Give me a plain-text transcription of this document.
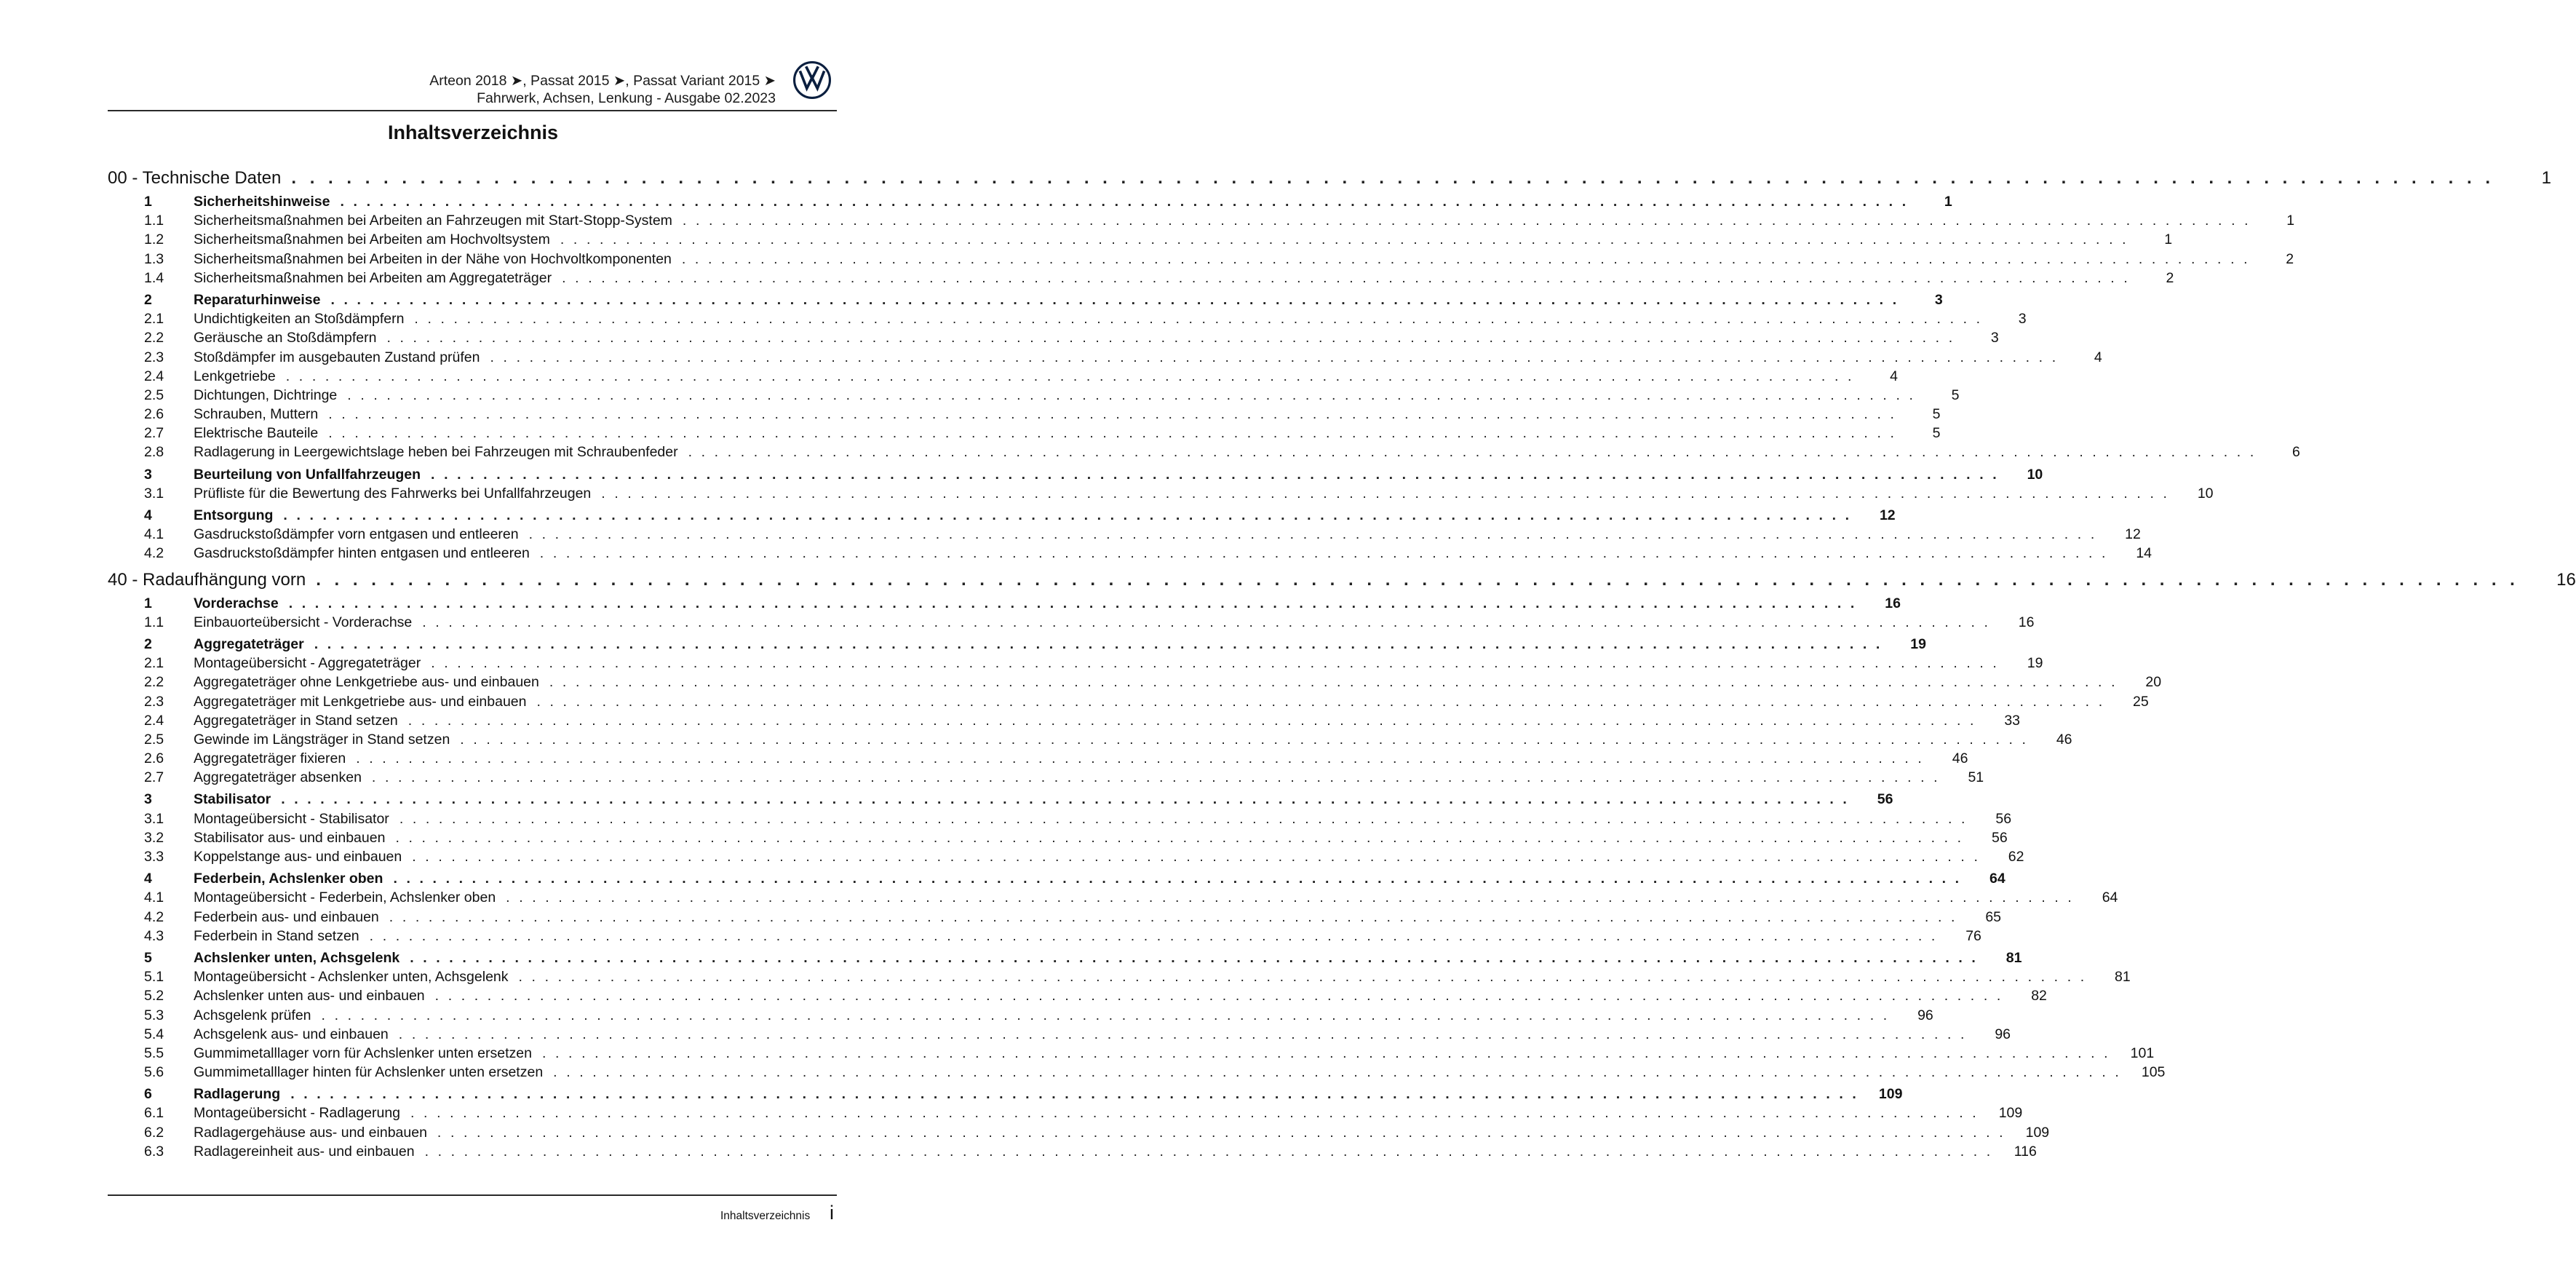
Arteon 2018 ➤, Passat 2015 ➤, Passat Variant 2015 ➤
Fahrwerk, Achsen, Lenkung - Ausgabe 02.2023
Inhaltsverzeichnis
00 - Technische Daten . . . . . . . . . . . . . . . . . . . . . . . . . . . . . . . . . . . . . . . . . . . . . . . . . . . . . . . . . . . . . . . . . . . . . . . . . . . . . . . . . . . . . . . . . . . . . . . . . . . . . . . . . . . . . . . . . . . . . . . .	1
1	Sicherheitshinweise . . . . . . . . . . . . . . . . . . . . . . . . . . . . . . . . . . . . . . . . . . . . . . . . . . . . . . . . . . . . . . . . . . . . . . . . . . . . . . . . . . . . . . . . . . . . . . . . . . . . . . . . . . . . . . . . . . . . . . . .	1
1.1 Sicherheitsmaßnahmen bei Arbeiten an Fahrzeugen mit Start-Stopp-System . . . . . . . . . . . . . . . . . . . . . . . . . . . . . . . . . . . . . . . . . . . . . . . . . . . . . . . . . . . . . . . . . . . . . . . . . . . . . . . . . . . . . . . . . . . . . . . . . . . . . . . . . . . . . . . . . . . . . . . .	1
1.2 Sicherheitsmaßnahmen bei Arbeiten am Hochvoltsystem . . . . . . . . . . . . . . . . . . . . . . . . . . . . . . . . . . . . . . . . . . . . . . . . . . . . . . . . . . . . . . . . . . . . . . . . . . . . . . . . . . . . . . . . . . . . . . . . . . . . . . . . . . . . . . . . . . . . . . . .	1
1.3 Sicherheitsmaßnahmen bei Arbeiten in der Nähe von Hochvoltkomponenten . . . . . . . . . . . . . . . . . . . . . . . . . . . . . . . . . . . . . . . . . . . . . . . . . . . . . . . . . . . . . . . . . . . . . . . . . . . . . . . . . . . . . . . . . . . . . . . . . . . . . . . . . . . . . . . . . . . . . . . .	2
1.4 Sicherheitsmaßnahmen bei Arbeiten am Aggregateträger . . . . . . . . . . . . . . . . . . . . . . . . . . . . . . . . . . . . . . . . . . . . . . . . . . . . . . . . . . . . . . . . . . . . . . . . . . . . . . . . . . . . . . . . . . . . . . . . . . . . . . . . . . . . . . . . . . . . . . . .	2
2	Reparaturhinweise . . . . . . . . . . . . . . . . . . . . . . . . . . . . . . . . . . . . . . . . . . . . . . . . . . . . . . . . . . . . . . . . . . . . . . . . . . . . . . . . . . . . . . . . . . . . . . . . . . . . . . . . . . . . . . . . . . . . . . . .	3
2.1 Undichtigkeiten an Stoßdämpfern . . . . . . . . . . . . . . . . . . . . . . . . . . . . . . . . . . . . . . . . . . . . . . . . . . . . . . . . . . . . . . . . . . . . . . . . . . . . . . . . . . . . . . . . . . . . . . . . . . . . . . . . . . . . . . . . . . . . . . . .	3
2.2 Geräusche an Stoßdämpfern . . . . . . . . . . . . . . . . . . . . . . . . . . . . . . . . . . . . . . . . . . . . . . . . . . . . . . . . . . . . . . . . . . . . . . . . . . . . . . . . . . . . . . . . . . . . . . . . . . . . . . . . . . . . . . . . . . . . . . . .	3
2.3 Stoßdämpfer im ausgebauten Zustand prüfen . . . . . . . . . . . . . . . . . . . . . . . . . . . . . . . . . . . . . . . . . . . . . . . . . . . . . . . . . . . . . . . . . . . . . . . . . . . . . . . . . . . . . . . . . . . . . . . . . . . . . . . . . . . . . . . . . . . . . . . .	4
2.4 Lenkgetriebe . . . . . . . . . . . . . . . . . . . . . . . . . . . . . . . . . . . . . . . . . . . . . . . . . . . . . . . . . . . . . . . . . . . . . . . . . . . . . . . . . . . . . . . . . . . . . . . . . . . . . . . . . . . . . . . . . . . . . . . .	4
2.5 Dichtungen, Dichtringe . . . . . . . . . . . . . . . . . . . . . . . . . . . . . . . . . . . . . . . . . . . . . . . . . . . . . . . . . . . . . . . . . . . . . . . . . . . . . . . . . . . . . . . . . . . . . . . . . . . . . . . . . . . . . . . . . . . . . . . .	5
2.6 Schrauben, Muttern . . . . . . . . . . . . . . . . . . . . . . . . . . . . . . . . . . . . . . . . . . . . . . . . . . . . . . . . . . . . . . . . . . . . . . . . . . . . . . . . . . . . . . . . . . . . . . . . . . . . . . . . . . . . . . . . . . . . . . . .	5
2.7 Elektrische Bauteile . . . . . . . . . . . . . . . . . . . . . . . . . . . . . . . . . . . . . . . . . . . . . . . . . . . . . . . . . . . . . . . . . . . . . . . . . . . . . . . . . . . . . . . . . . . . . . . . . . . . . . . . . . . . . . . . . . . . . . . .	5
2.8 Radlagerung in Leergewichtslage heben bei Fahrzeugen mit Schraubenfeder . . . . . . . . . . . . . . . . . . . . . . . . . . . . . . . . . . . . . . . . . . . . . . . . . . . . . . . . . . . . . . . . . . . . . . . . . . . . . . . . . . . . . . . . . . . . . . . . . . . . . . . . . . . . . . . . . . . . . . . .	6
3	Beurteilung von Unfallfahrzeugen . . . . . . . . . . . . . . . . . . . . . . . . . . . . . . . . . . . . . . . . . . . . . . . . . . . . . . . . . . . . . . . . . . . . . . . . . . . . . . . . . . . . . . . . . . . . . . . . . . . . . . . . . . . . . . . . . . . . . . . .	10
3.1 Prüfliste für die Bewertung des Fahrwerks bei Unfallfahrzeugen . . . . . . . . . . . . . . . . . . . . . . . . . . . . . . . . . . . . . . . . . . . . . . . . . . . . . . . . . . . . . . . . . . . . . . . . . . . . . . . . . . . . . . . . . . . . . . . . . . . . . . . . . . . . . . . . . . . . . . . .	10
4	Entsorgung . . . . . . . . . . . . . . . . . . . . . . . . . . . . . . . . . . . . . . . . . . . . . . . . . . . . . . . . . . . . . . . . . . . . . . . . . . . . . . . . . . . . . . . . . . . . . . . . . . . . . . . . . . . . . . . . . . . . . . . .	12
4.1 Gasdruckstoßdämpfer vorn entgasen und entleeren . . . . . . . . . . . . . . . . . . . . . . . . . . . . . . . . . . . . . . . . . . . . . . . . . . . . . . . . . . . . . . . . . . . . . . . . . . . . . . . . . . . . . . . . . . . . . . . . . . . . . . . . . . . . . . . . . . . . . . . .	12
4.2 Gasdruckstoßdämpfer hinten entgasen und entleeren . . . . . . . . . . . . . . . . . . . . . . . . . . . . . . . . . . . . . . . . . . . . . . . . . . . . . . . . . . . . . . . . . . . . . . . . . . . . . . . . . . . . . . . . . . . . . . . . . . . . . . . . . . . . . . . . . . . . . . . .	14
40 - Radaufhängung vorn . . . . . . . . . . . . . . . . . . . . . . . . . . . . . . . . . . . . . . . . . . . . . . . . . . . . . . . . . . . . . . . . . . . . . . . . . . . . . . . . . . . . . . . . . . . . . . . . . . . . . . . . . . . . . . . . . . . . . . . .	16
1	Vorderachse . . . . . . . . . . . . . . . . . . . . . . . . . . . . . . . . . . . . . . . . . . . . . . . . . . . . . . . . . . . . . . . . . . . . . . . . . . . . . . . . . . . . . . . . . . . . . . . . . . . . . . . . . . . . . . . . . . . . . . . .	16
1.1 Einbauorteübersicht - Vorderachse . . . . . . . . . . . . . . . . . . . . . . . . . . . . . . . . . . . . . . . . . . . . . . . . . . . . . . . . . . . . . . . . . . . . . . . . . . . . . . . . . . . . . . . . . . . . . . . . . . . . . . . . . . . . . . . . . . . . . . . .	16
2	Aggregateträger . . . . . . . . . . . . . . . . . . . . . . . . . . . . . . . . . . . . . . . . . . . . . . . . . . . . . . . . . . . . . . . . . . . . . . . . . . . . . . . . . . . . . . . . . . . . . . . . . . . . . . . . . . . . . . . . . . . . . . . .	19
2.1 Montageübersicht - Aggregateträger . . . . . . . . . . . . . . . . . . . . . . . . . . . . . . . . . . . . . . . . . . . . . . . . . . . . . . . . . . . . . . . . . . . . . . . . . . . . . . . . . . . . . . . . . . . . . . . . . . . . . . . . . . . . . . . . . . . . . . . .	19
2.2 Aggregateträger ohne Lenkgetriebe aus- und einbauen . . . . . . . . . . . . . . . . . . . . . . . . . . . . . . . . . . . . . . . . . . . . . . . . . . . . . . . . . . . . . . . . . . . . . . . . . . . . . . . . . . . . . . . . . . . . . . . . . . . . . . . . . . . . . . . . . . . . . . . .	20
2.3 Aggregateträger mit Lenkgetriebe aus- und einbauen . . . . . . . . . . . . . . . . . . . . . . . . . . . . . . . . . . . . . . . . . . . . . . . . . . . . . . . . . . . . . . . . . . . . . . . . . . . . . . . . . . . . . . . . . . . . . . . . . . . . . . . . . . . . . . . . . . . . . . . .	25
2.4 Aggregateträger in Stand setzen . . . . . . . . . . . . . . . . . . . . . . . . . . . . . . . . . . . . . . . . . . . . . . . . . . . . . . . . . . . . . . . . . . . . . . . . . . . . . . . . . . . . . . . . . . . . . . . . . . . . . . . . . . . . . . . . . . . . . . . .	33
2.5 Gewinde im Längsträger in Stand setzen . . . . . . . . . . . . . . . . . . . . . . . . . . . . . . . . . . . . . . . . . . . . . . . . . . . . . . . . . . . . . . . . . . . . . . . . . . . . . . . . . . . . . . . . . . . . . . . . . . . . . . . . . . . . . . . . . . . . . . . .	46
2.6 Aggregateträger fixieren . . . . . . . . . . . . . . . . . . . . . . . . . . . . . . . . . . . . . . . . . . . . . . . . . . . . . . . . . . . . . . . . . . . . . . . . . . . . . . . . . . . . . . . . . . . . . . . . . . . . . . . . . . . . . . . . . . . . . . . .	46
2.7 Aggregateträger absenken . . . . . . . . . . . . . . . . . . . . . . . . . . . . . . . . . . . . . . . . . . . . . . . . . . . . . . . . . . . . . . . . . . . . . . . . . . . . . . . . . . . . . . . . . . . . . . . . . . . . . . . . . . . . . . . . . . . . . . . .	51
3	Stabilisator . . . . . . . . . . . . . . . . . . . . . . . . . . . . . . . . . . . . . . . . . . . . . . . . . . . . . . . . . . . . . . . . . . . . . . . . . . . . . . . . . . . . . . . . . . . . . . . . . . . . . . . . . . . . . . . . . . . . . . . .	56
3.1 Montageübersicht - Stabilisator . . . . . . . . . . . . . . . . . . . . . . . . . . . . . . . . . . . . . . . . . . . . . . . . . . . . . . . . . . . . . . . . . . . . . . . . . . . . . . . . . . . . . . . . . . . . . . . . . . . . . . . . . . . . . . . . . . . . . . . .	56
3.2 Stabilisator aus- und einbauen . . . . . . . . . . . . . . . . . . . . . . . . . . . . . . . . . . . . . . . . . . . . . . . . . . . . . . . . . . . . . . . . . . . . . . . . . . . . . . . . . . . . . . . . . . . . . . . . . . . . . . . . . . . . . . . . . . . . . . . .	56
3.3 Koppelstange aus- und einbauen . . . . . . . . . . . . . . . . . . . . . . . . . . . . . . . . . . . . . . . . . . . . . . . . . . . . . . . . . . . . . . . . . . . . . . . . . . . . . . . . . . . . . . . . . . . . . . . . . . . . . . . . . . . . . . . . . . . . . . . .	62
4	Federbein, Achslenker oben . . . . . . . . . . . . . . . . . . . . . . . . . . . . . . . . . . . . . . . . . . . . . . . . . . . . . . . . . . . . . . . . . . . . . . . . . . . . . . . . . . . . . . . . . . . . . . . . . . . . . . . . . . . . . . . . . . . . . . . .	64
4.1 Montageübersicht - Federbein, Achslenker oben . . . . . . . . . . . . . . . . . . . . . . . . . . . . . . . . . . . . . . . . . . . . . . . . . . . . . . . . . . . . . . . . . . . . . . . . . . . . . . . . . . . . . . . . . . . . . . . . . . . . . . . . . . . . . . . . . . . . . . . .	64
4.2 Federbein aus- und einbauen . . . . . . . . . . . . . . . . . . . . . . . . . . . . . . . . . . . . . . . . . . . . . . . . . . . . . . . . . . . . . . . . . . . . . . . . . . . . . . . . . . . . . . . . . . . . . . . . . . . . . . . . . . . . . . . . . . . . . . . .	65
4.3 Federbein in Stand setzen . . . . . . . . . . . . . . . . . . . . . . . . . . . . . . . . . . . . . . . . . . . . . . . . . . . . . . . . . . . . . . . . . . . . . . . . . . . . . . . . . . . . . . . . . . . . . . . . . . . . . . . . . . . . . . . . . . . . . . . .	76
5	Achslenker unten, Achsgelenk . . . . . . . . . . . . . . . . . . . . . . . . . . . . . . . . . . . . . . . . . . . . . . . . . . . . . . . . . . . . . . . . . . . . . . . . . . . . . . . . . . . . . . . . . . . . . . . . . . . . . . . . . . . . . . . . . . . . . . . .	81
5.1 Montageübersicht - Achslenker unten, Achsgelenk . . . . . . . . . . . . . . . . . . . . . . . . . . . . . . . . . . . . . . . . . . . . . . . . . . . . . . . . . . . . . . . . . . . . . . . . . . . . . . . . . . . . . . . . . . . . . . . . . . . . . . . . . . . . . . . . . . . . . . . .	81
5.2 Achslenker unten aus- und einbauen . . . . . . . . . . . . . . . . . . . . . . . . . . . . . . . . . . . . . . . . . . . . . . . . . . . . . . . . . . . . . . . . . . . . . . . . . . . . . . . . . . . . . . . . . . . . . . . . . . . . . . . . . . . . . . . . . . . . . . . .	82
5.3 Achsgelenk prüfen . . . . . . . . . . . . . . . . . . . . . . . . . . . . . . . . . . . . . . . . . . . . . . . . . . . . . . . . . . . . . . . . . . . . . . . . . . . . . . . . . . . . . . . . . . . . . . . . . . . . . . . . . . . . . . . . . . . . . . . .	96
5.4 Achsgelenk aus- und einbauen . . . . . . . . . . . . . . . . . . . . . . . . . . . . . . . . . . . . . . . . . . . . . . . . . . . . . . . . . . . . . . . . . . . . . . . . . . . . . . . . . . . . . . . . . . . . . . . . . . . . . . . . . . . . . . . . . . . . . . . .	96
5.5 Gummimetalllager vorn für Achslenker unten ersetzen . . . . . . . . . . . . . . . . . . . . . . . . . . . . . . . . . . . . . . . . . . . . . . . . . . . . . . . . . . . . . . . . . . . . . . . . . . . . . . . . . . . . . . . . . . . . . . . . . . . . . . . . . . . . . . . . . . . . . . . .	101
5.6 Gummimetalllager hinten für Achslenker unten ersetzen . . . . . . . . . . . . . . . . . . . . . . . . . . . . . . . . . . . . . . . . . . . . . . . . . . . . . . . . . . . . . . . . . . . . . . . . . . . . . . . . . . . . . . . . . . . . . . . . . . . . . . . . . . . . . . . . . . . . . . . .	105
6	Radlagerung . . . . . . . . . . . . . . . . . . . . . . . . . . . . . . . . . . . . . . . . . . . . . . . . . . . . . . . . . . . . . . . . . . . . . . . . . . . . . . . . . . . . . . . . . . . . . . . . . . . . . . . . . . . . . . . . . . . . . . . .	109
6.1 Montageübersicht - Radlagerung . . . . . . . . . . . . . . . . . . . . . . . . . . . . . . . . . . . . . . . . . . . . . . . . . . . . . . . . . . . . . . . . . . . . . . . . . . . . . . . . . . . . . . . . . . . . . . . . . . . . . . . . . . . . . . . . . . . . . . . .	109
6.2 Radlagergehäuse aus- und einbauen . . . . . . . . . . . . . . . . . . . . . . . . . . . . . . . . . . . . . . . . . . . . . . . . . . . . . . . . . . . . . . . . . . . . . . . . . . . . . . . . . . . . . . . . . . . . . . . . . . . . . . . . . . . . . . . . . . . . . . . .	109
6.3 Radlagereinheit aus- und einbauen . . . . . . . . . . . . . . . . . . . . . . . . . . . . . . . . . . . . . . . . . . . . . . . . . . . . . . . . . . . . . . . . . . . . . . . . . . . . . . . . . . . . . . . . . . . . . . . . . . . . . . . . . . . . . . . . . . . . . . . .	116
Inhaltsverzeichnis i
